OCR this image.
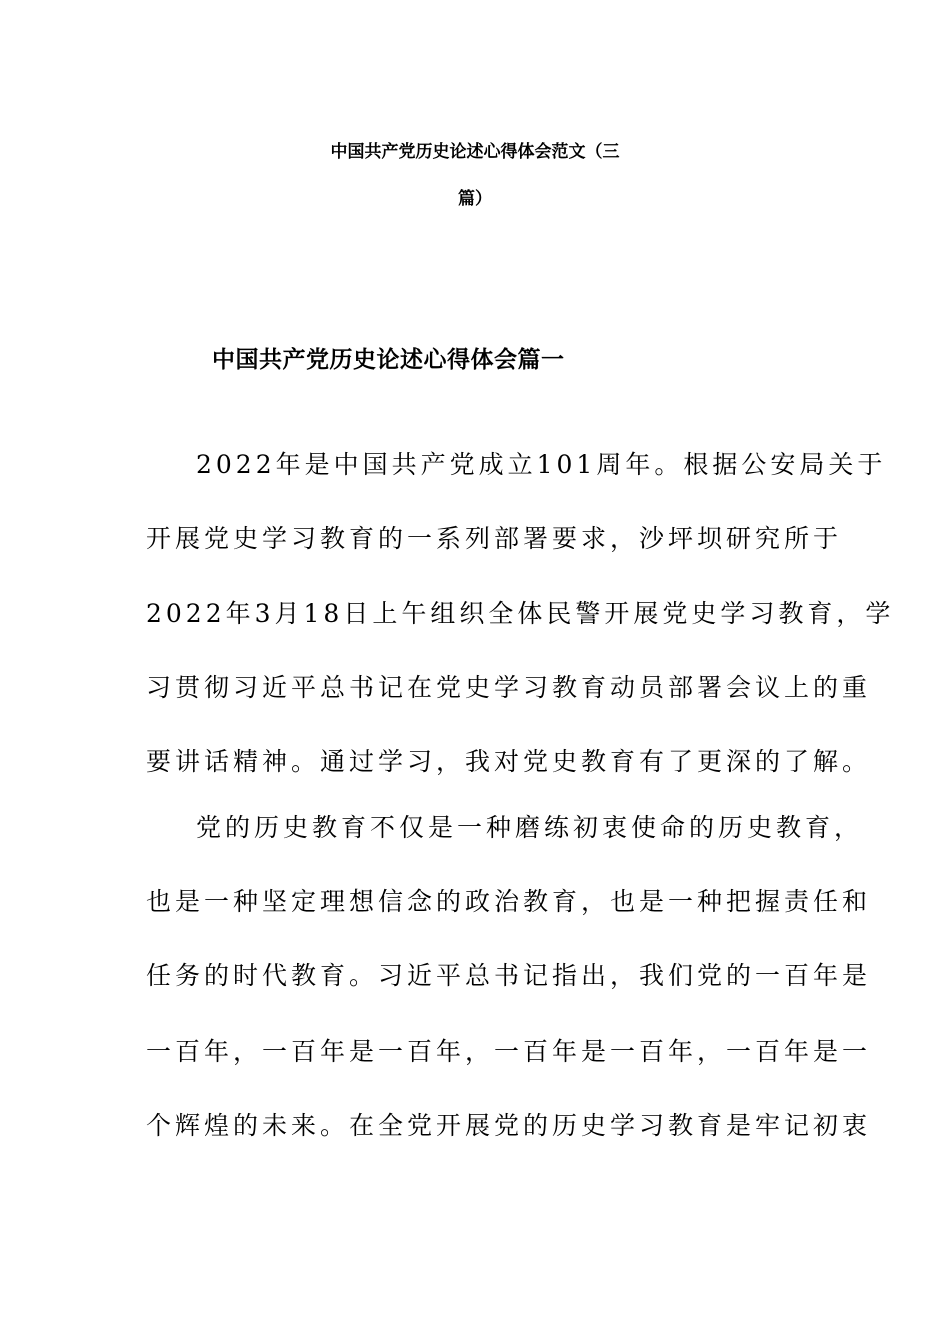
中国共产党历史论述心得体会范文（三
篇）
中国共产党历史论述心得体会篇一
2022年是中国共产党成立101周年。根据公安局关于
开展党史学习教育的一系列部署要求，沙坪坝研究所于
2022年3月18日上午组织全体民警开展党史学习教育，学
习贯彻习近平总书记在党史学习教育动员部署会议上的重
要讲话精神。通过学习，我对党史教育有了更深的了解。
党的历史教育不仅是一种磨练初衷使命的历史教育，
也是一种坚定理想信念的政治教育，也是一种把握责任和
任务的时代教育。习近平总书记指出，我们党的一百年是
一百年，一百年是一百年，一百年是一百年，一百年是一
个辉煌的未来。在全党开展党的历史学习教育是牢记初衷
